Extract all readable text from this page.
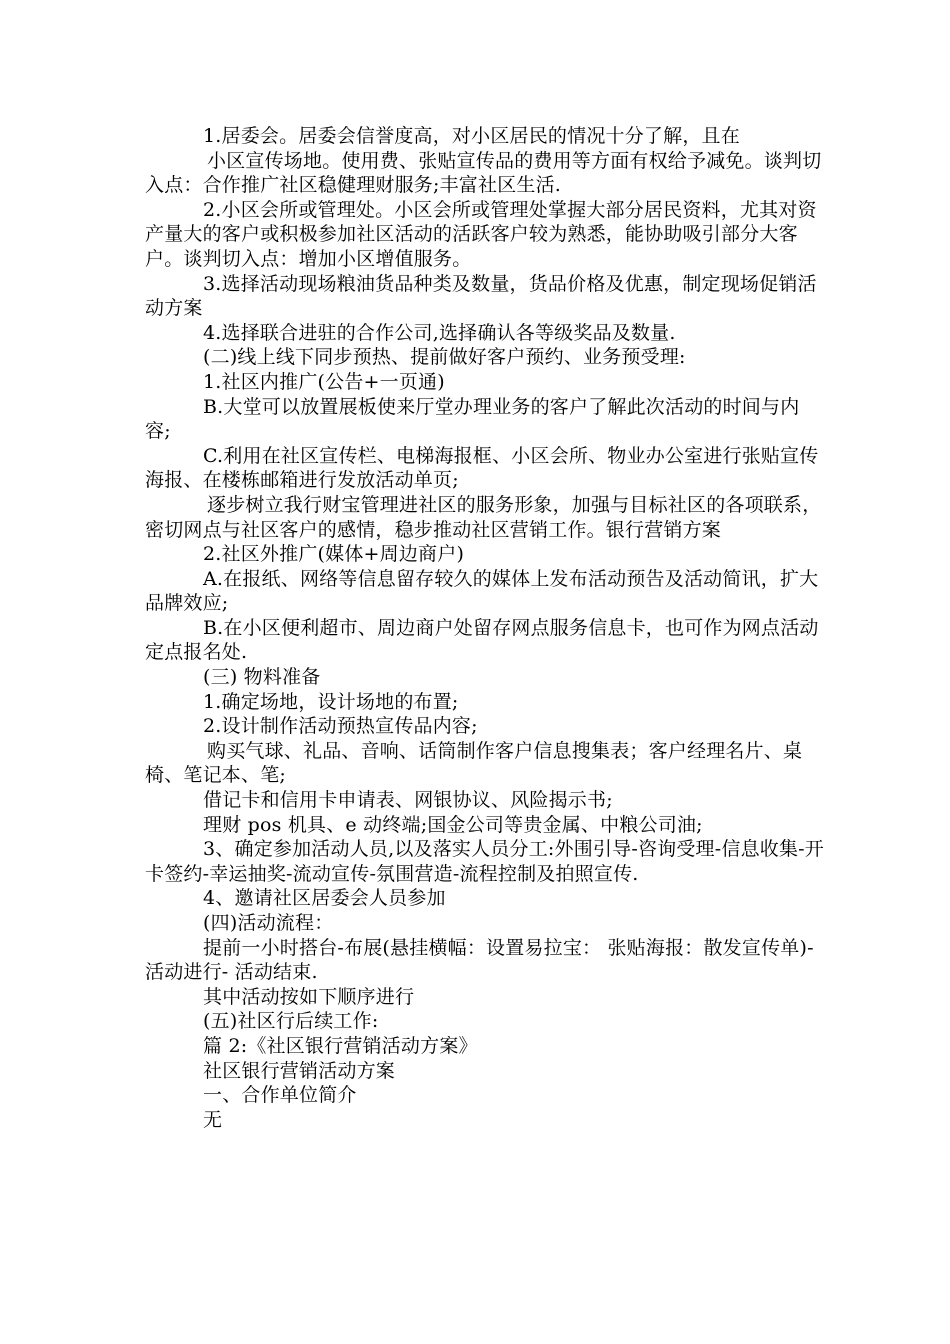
1.居委会。居委会信誉度高，对小区居民的情况十分了解，且在

小区宣传场地。使用费、张贴宣传品的费用等方面有权给予减免。谈判切入点：合作推广社区稳健理财服务;丰富社区生活.

2.小区会所或管理处。小区会所或管理处掌握大部分居民资料，尤其对资产量大的客户或积极参加社区活动的活跃客户较为熟悉，能协助吸引部分大客户。谈判切入点：增加小区增值服务。

3.选择活动现场粮油货品种类及数量，货品价格及优惠，制定现场促销活动方案

4.选择联合进驻的合作公司,选择确认各等级奖品及数量.

(二)线上线下同步预热、提前做好客户预约、业务预受理:

1.社区内推广(公告+一页通)

B.大堂可以放置展板使来厅堂办理业务的客户了解此次活动的时间与内容;

C.利用在社区宣传栏、电梯海报框、小区会所、物业办公室进行张贴宣传海报、在楼栋邮箱进行发放活动单页;

逐步树立我行财宝管理进社区的服务形象，加强与目标社区的各项联系，密切网点与社区客户的感情，稳步推动社区营销工作。银行营销方案

2.社区外推广(媒体+周边商户)

A.在报纸、网络等信息留存较久的媒体上发布活动预告及活动简讯，扩大品牌效应;

B.在小区便利超市、周边商户处留存网点服务信息卡，也可作为网点活动定点报名处.

(三) 物料准备

1.确定场地，设计场地的布置;

2.设计制作活动预热宣传品内容;

购买气球、礼品、音响、话筒制作客户信息搜集表；客户经理名片、桌椅、笔记本、笔;

借记卡和信用卡申请表、网银协议、风险揭示书;

理财 pos 机具、e 动终端;国金公司等贵金属、中粮公司油;

3、确定参加活动人员,以及落实人员分工:外围引导-咨询受理-信息收集-开卡签约-幸运抽奖-流动宣传-氛围营造-流程控制及拍照宣传.

4、邀请社区居委会人员参加

(四)活动流程：

提前一小时搭台-布展(悬挂横幅：设置易拉宝： 张贴海报：散发宣传单)-活动进行- 活动结束.

其中活动按如下顺序进行

(五)社区行后续工作:

篇 2:《社区银行营销活动方案》

社区银行营销活动方案

一、合作单位简介

无
